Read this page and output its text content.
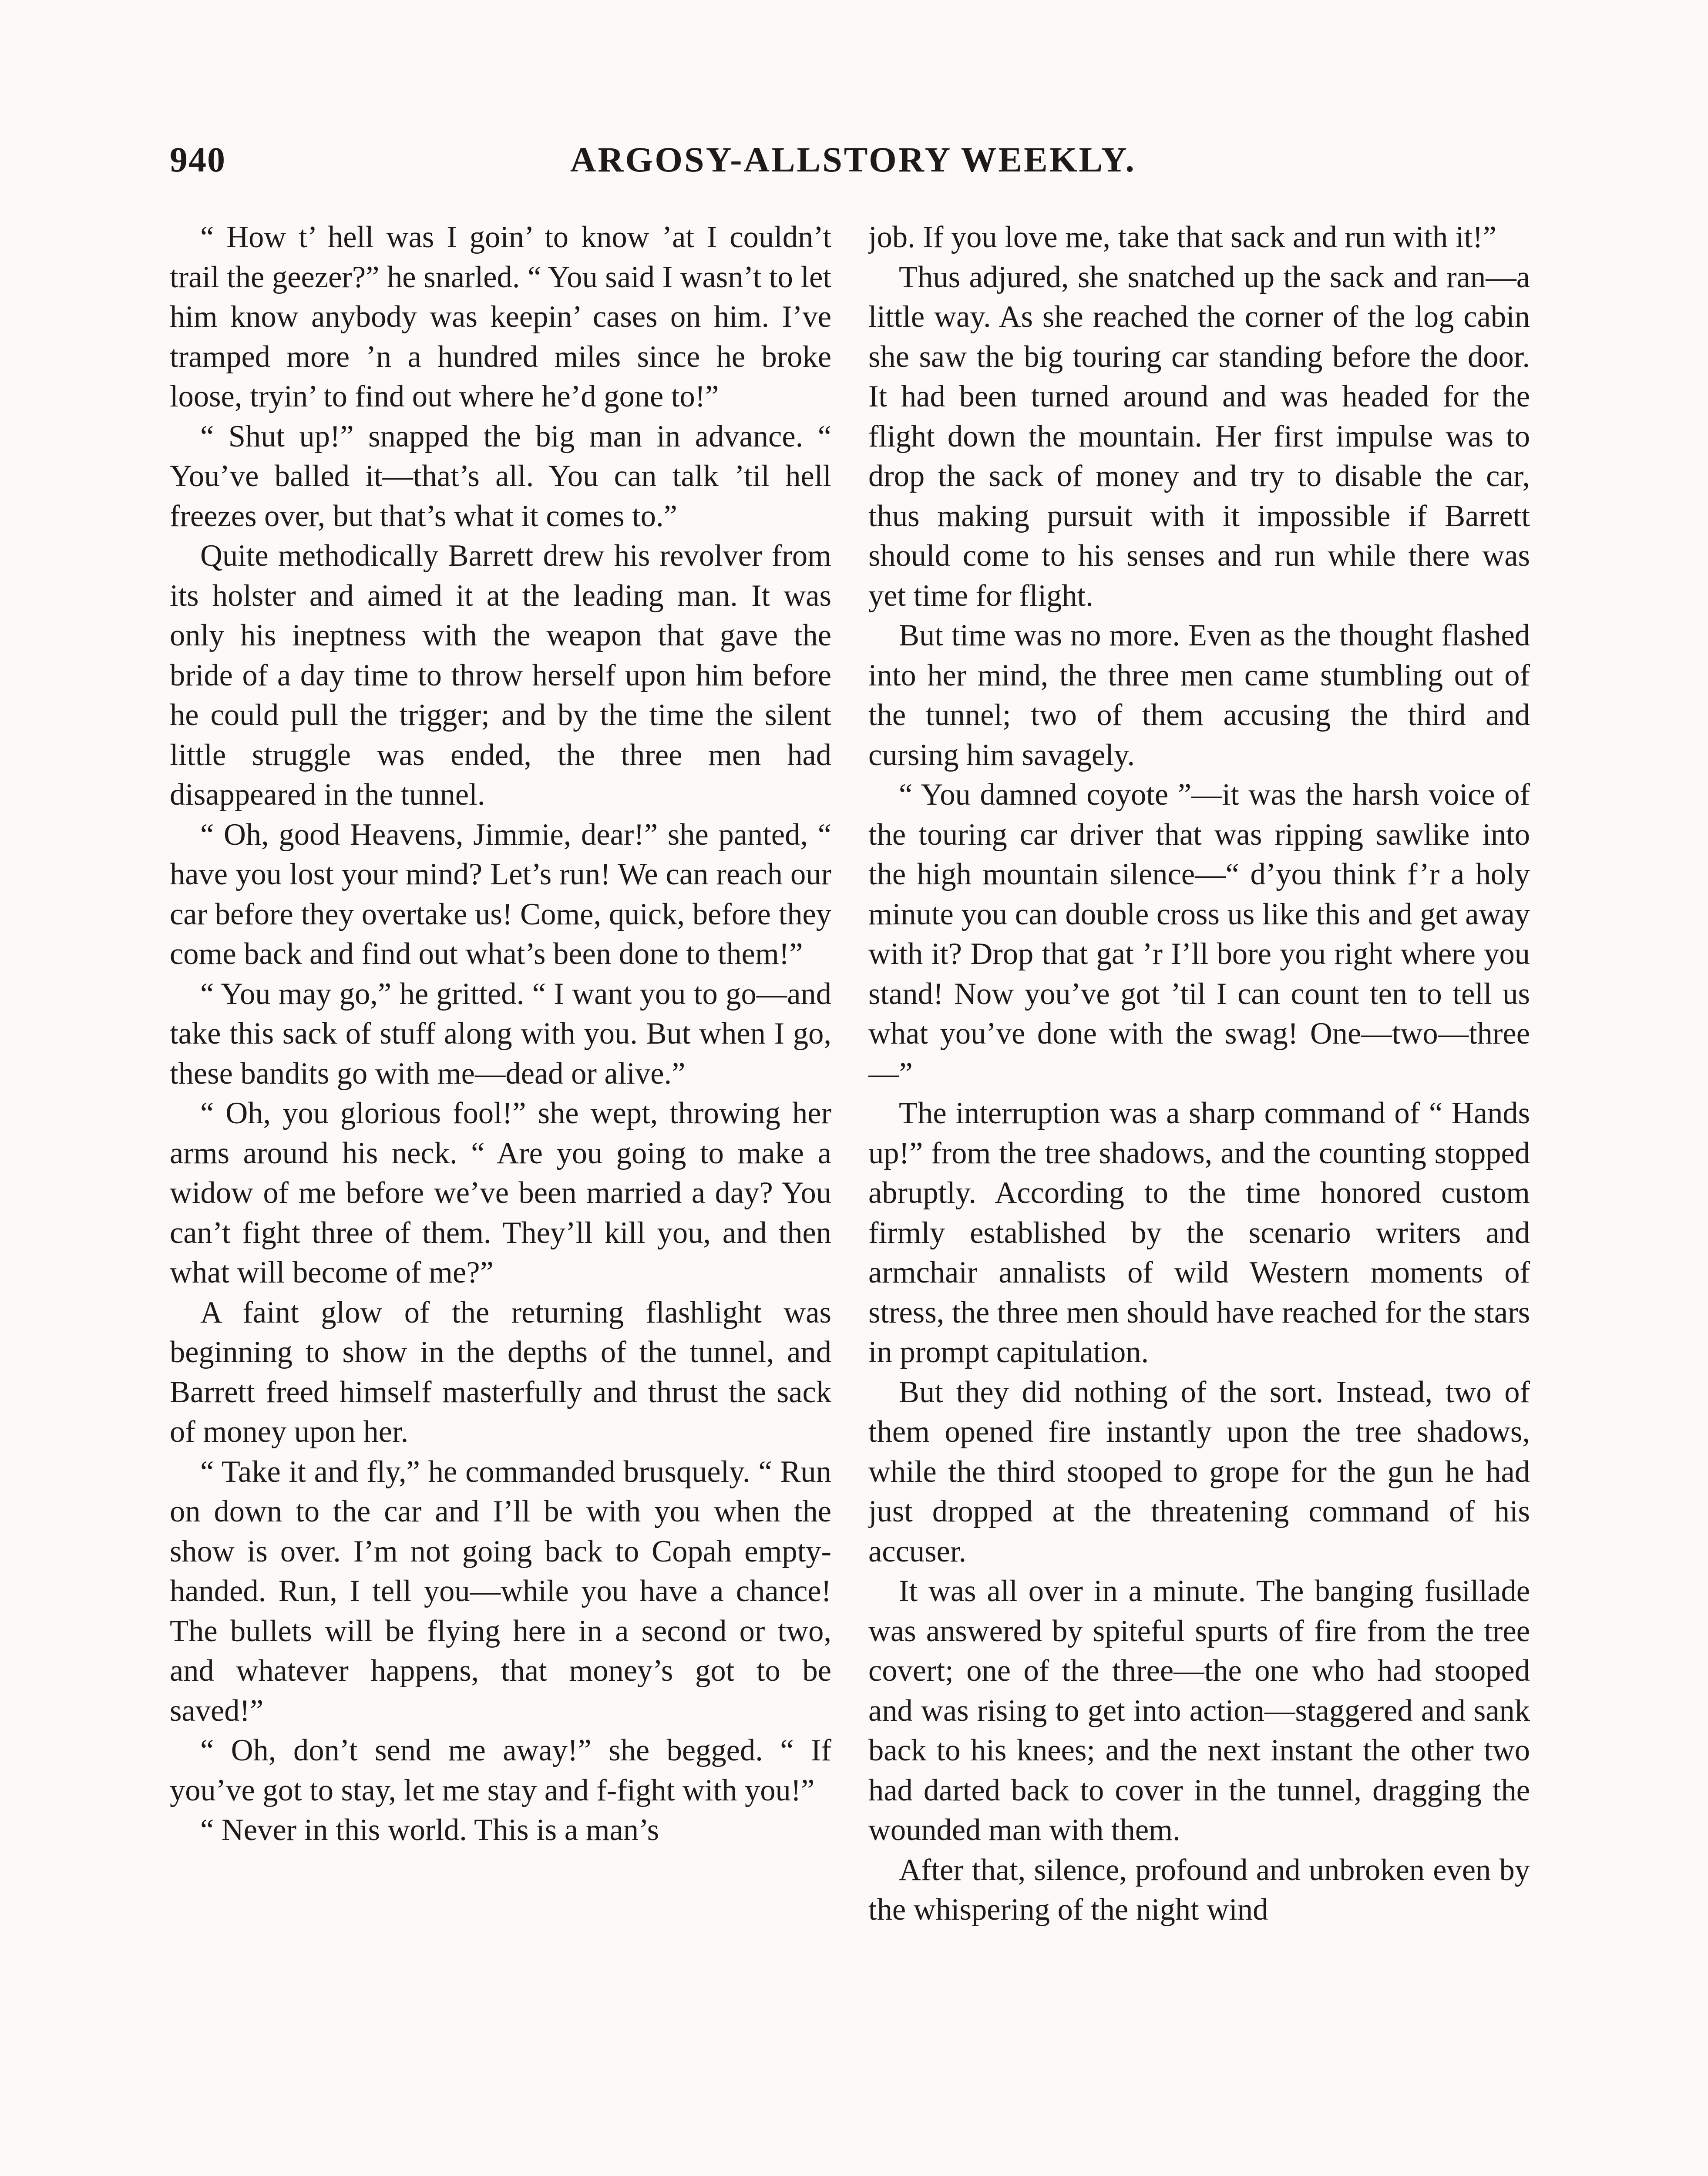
940	ARGOSY-ALLSTORY WEEKLY.

“ How t’ hell was I goin’ to know ’at I couldn’t trail the geezer?” he snarled. “ You said I wasn’t to let him know anybody was keepin’ cases on him. I’ve tramped more ’n a hundred miles since he broke loose, tryin’ to find out where he’d gone to!”

“ Shut up!” snapped the big man in advance. “ You’ve balled it—that’s all. You can talk ’til hell freezes over, but that’s what it comes to.”

Quite methodically Barrett drew his revolver from its holster and aimed it at the leading man. It was only his ineptness with the weapon that gave the bride of a day time to throw herself upon him before he could pull the trigger; and by the time the silent little struggle was ended, the three men had disappeared in the tunnel.

“ Oh, good Heavens, Jimmie, dear!” she panted, “ have you lost your mind? Let’s run! We can reach our car before they overtake us! Come, quick, before they come back and find out what’s been done to them!”

“ You may go,” he gritted. “ I want you to go—and take this sack of stuff along with you. But when I go, these bandits go with me—dead or alive.”

“ Oh, you glorious fool!” she wept, throwing her arms around his neck. “ Are you going to make a widow of me before we’ve been married a day? You can’t fight three of them. They’ll kill you, and then what will become of me?”

A faint glow of the returning flashlight was beginning to show in the depths of the tunnel, and Barrett freed himself masterfully and thrust the sack of money upon her.

“ Take it and fly,” he commanded brusquely. “ Run on down to the car and I’ll be with you when the show is over. I’m not going back to Copah empty-handed. Run, I tell you—while you have a chance! The bullets will be flying here in a second or two, and whatever happens, that money’s got to be saved!”

“ Oh, don’t send me away!” she begged. “ If you’ve got to stay, let me stay and f-fight with you!”

“ Never in this world. This is a man’s

job. If you love me, take that sack and run with it!”

Thus adjured, she snatched up the sack and ran—a little way. As she reached the corner of the log cabin she saw the big touring car standing before the door. It had been turned around and was headed for the flight down the mountain. Her first impulse was to drop the sack of money and try to disable the car, thus making pursuit with it impossible if Barrett should come to his senses and run while there was yet time for flight.

But time was no more. Even as the thought flashed into her mind, the three men came stumbling out of the tunnel; two of them accusing the third and cursing him savagely.

“ You damned coyote ”—it was the harsh voice of the touring car driver that was ripping sawlike into the high mountain silence—“ d’you think f’r a holy minute you can double cross us like this and get away with it? Drop that gat ’r I’ll bore you right where you stand! Now you’ve got ’til I can count ten to tell us what you’ve done with the swag! One—two—three—”

The interruption was a sharp command of “ Hands up!” from the tree shadows, and the counting stopped abruptly. According to the time honored custom firmly established by the scenario writers and armchair annalists of wild Western moments of stress, the three men should have reached for the stars in prompt capitulation.

But they did nothing of the sort. Instead, two of them opened fire instantly upon the tree shadows, while the third stooped to grope for the gun he had just dropped at the threatening command of his accuser.

It was all over in a minute. The banging fusillade was answered by spiteful spurts of fire from the tree covert; one of the three—the one who had stooped and was rising to get into action—staggered and sank back to his knees; and the next instant the other two had darted back to cover in the tunnel, dragging the wounded man with them.

After that, silence, profound and unbroken even by the whispering of the night wind
